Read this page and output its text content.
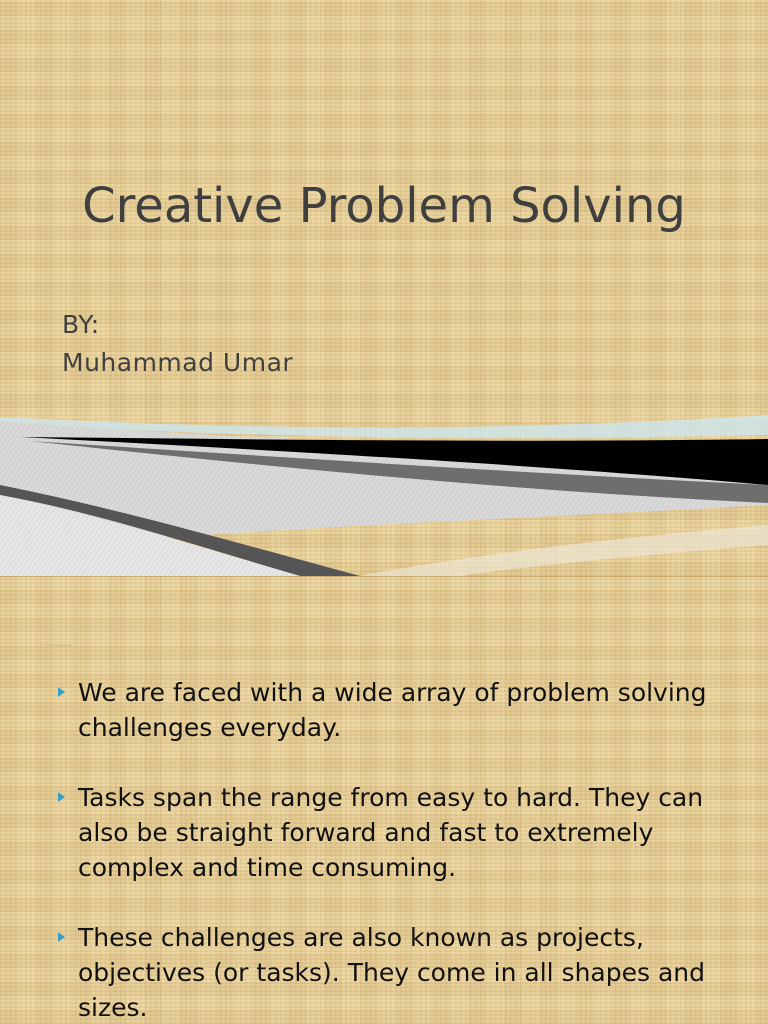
Creative Problem Solving
BY:
Muhammad Umar

Creative Problem Solving

We are faced with a wide array of problem solving challenges everyday.
Tasks span the range from easy to hard. They can also be straight forward and fast to extremely complex and time consuming.
These challenges are also known as projects, objectives (or tasks). They come in all shapes and sizes.
